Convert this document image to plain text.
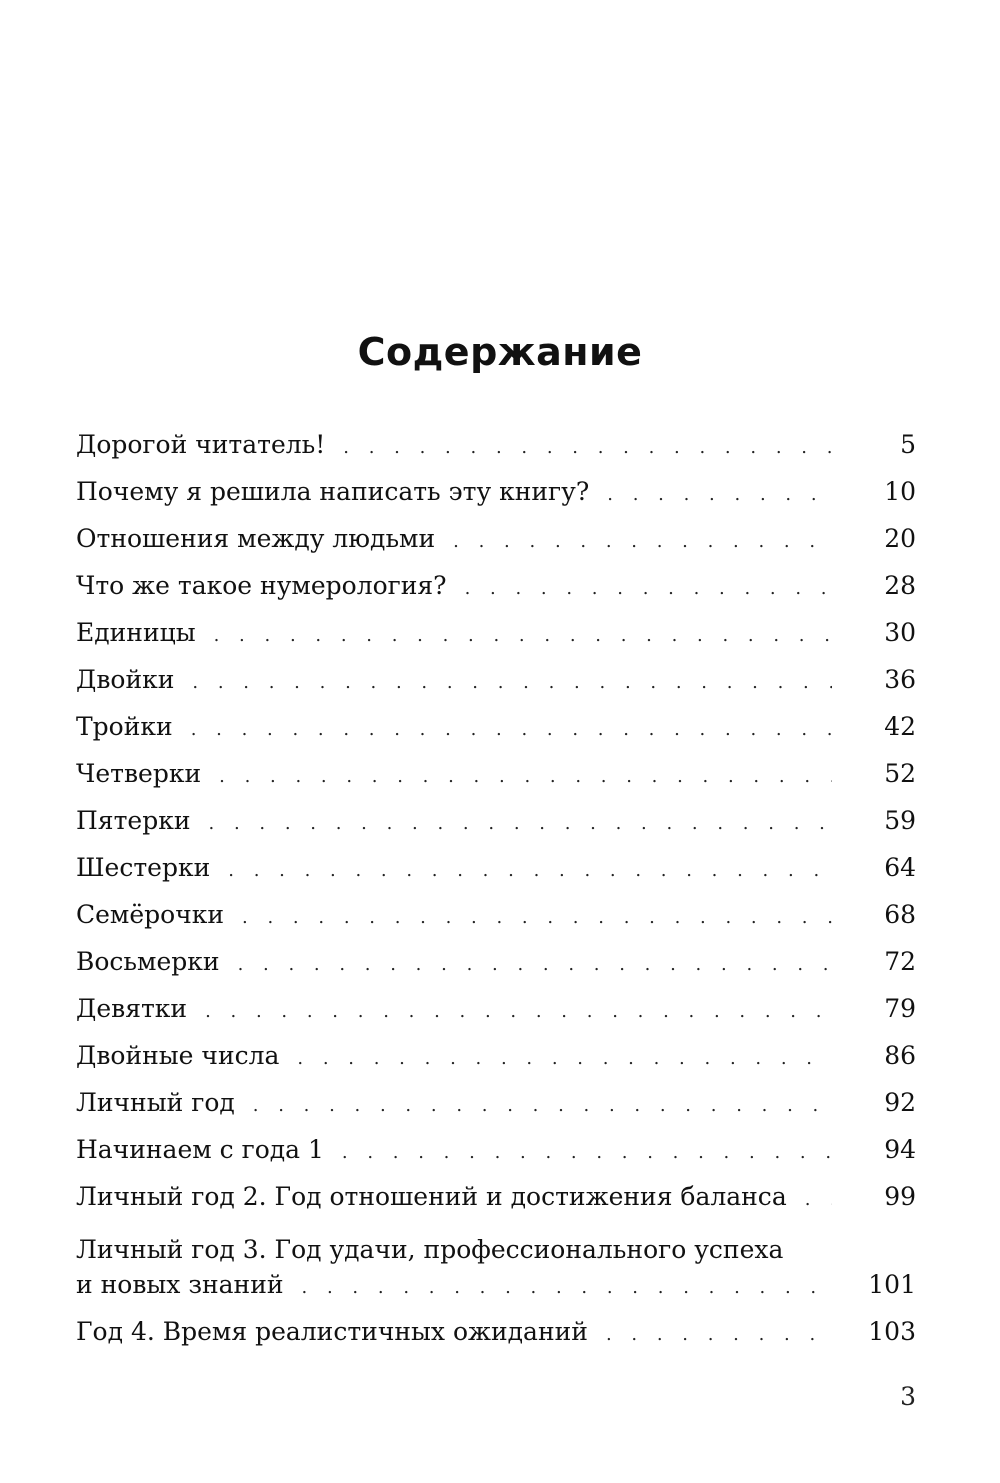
Содержание
Дорогой читатель! . . .	5
Почему я решила написать эту книгу? . . .	10
Отношения между людьми . . .	20
Что же такое нумерология? . . .	28
Единицы . . .	30
Двойки . . .	36
Тройки . . .	42
Четверки . . .	52
Пятерки . . .	59
Шестерки . . .	64
Семёрочки . . .	68
Восьмерки . . .	72
Девятки . . .	79
Двойные числа . . .	86
Личный год . . .	92
Начинаем с года 1 . . .	94
Личный год 2. Год отношений и достижения баланса . . .	99
Личный год 3. Год удачи, профессионального успеха
и новых знаний . . .	101
Год 4. Время реалистичных ожиданий . . .	103
3
